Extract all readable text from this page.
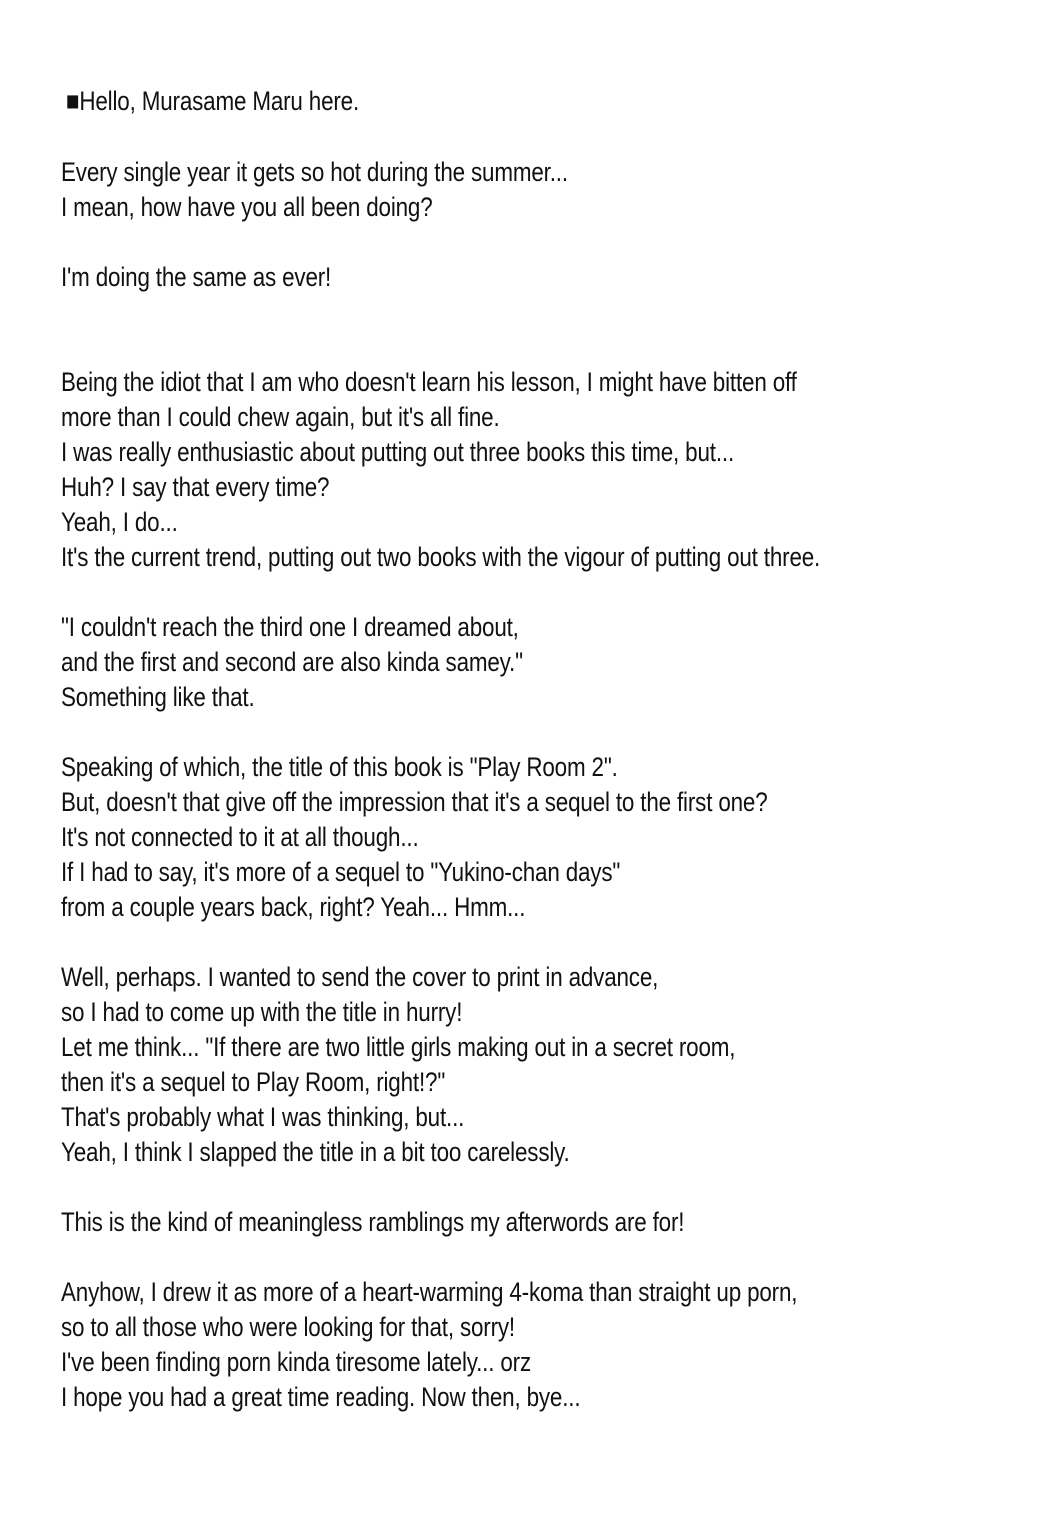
■Hello, Murasame Maru here.
Every single year it gets so hot during the summer...
I mean, how have you all been doing?
I'm doing the same as ever!
Being the idiot that I am who doesn't learn his lesson, I might have bitten off
more than I could chew again, but it's all fine.
I was really enthusiastic about putting out three books this time, but...
Huh? I say that every time?
Yeah, I do...
It's the current trend, putting out two books with the vigour of putting out three.
"I couldn't reach the third one I dreamed about,
and the first and second are also kinda samey."
Something like that.
Speaking of which, the title of this book is "Play Room 2".
But, doesn't that give off the impression that it's a sequel to the first one?
It's not connected to it at all though...
If I had to say, it's more of a sequel to "Yukino-chan days"
from a couple years back, right? Yeah... Hmm...
Well, perhaps. I wanted to send the cover to print in advance,
so I had to come up with the title in hurry!
Let me think... "If there are two little girls making out in a secret room,
then it's a sequel to Play Room, right!?"
That's probably what I was thinking, but...
Yeah, I think I slapped the title in a bit too carelessly.
This is the kind of meaningless ramblings my afterwords are for!
Anyhow, I drew it as more of a heart-warming 4-koma than straight up porn,
so to all those who were looking for that, sorry!
I've been finding porn kinda tiresome lately... orz
I hope you had a great time reading. Now then, bye...
